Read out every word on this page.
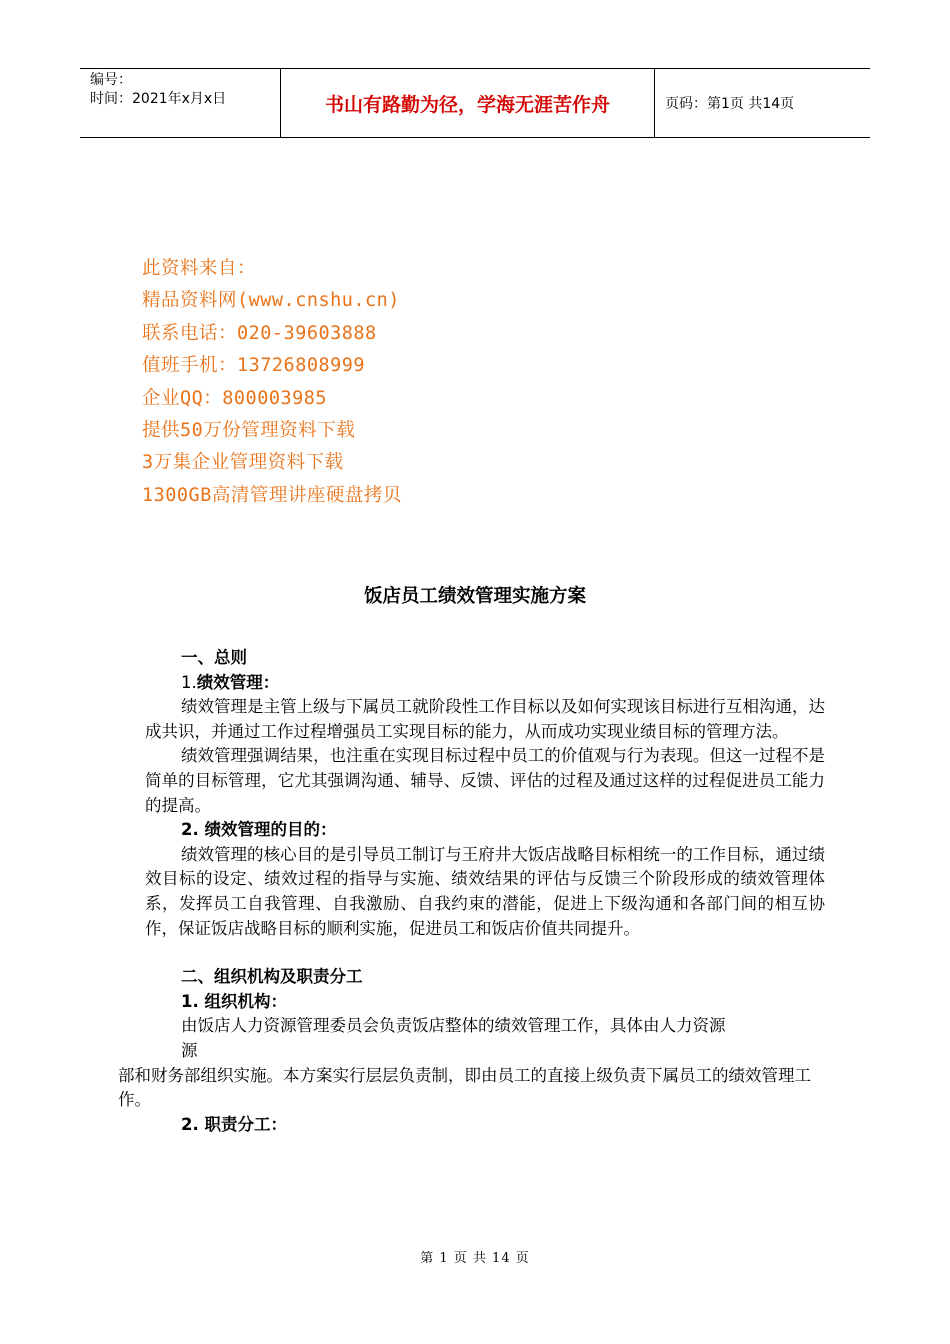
编号：
时间：2021年x月x日	书山有路勤为径，学海无涯苦作舟	页码：第1页 共14页
此资料来自：
精品资料网(www.cnshu.cn)
联系电话：020-39603888
值班手机：13726808999
企业QQ：800003985
提供50万份管理资料下载
3万集企业管理资料下载
1300GB高清管理讲座硬盘拷贝
饭店员工绩效管理实施方案

一、总则

1.绩效管理：

绩效管理是主管上级与下属员工就阶段性工作目标以及如何实现该目标进行互相沟通，达成共识，并通过工作过程增强员工实现目标的能力，从而成功实现业绩目标的管理方法。

绩效管理强调结果，也注重在实现目标过程中员工的价值观与行为表现。但这一过程不是简单的目标管理，它尤其强调沟通、辅导、反馈、评估的过程及通过这样的过程促进员工能力的提高。

2. 绩效管理的目的：

绩效管理的核心目的是引导员工制订与王府井大饭店战略目标相统一的工作目标，通过绩效目标的设定、绩效过程的指导与实施、绩效结果的评估与反馈三个阶段形成的绩效管理体系，发挥员工自我管理、自我激励、自我约束的潜能，促进上下级沟通和各部门间的相互协作，保证饭店战略目标的顺利实施，促进员工和饭店价值共同提升。

二、组织机构及职责分工

1. 组织机构：

由饭店人力资源管理委员会负责饭店整体的绩效管理工作，具体由人力资源

源

部和财务部组织实施。本方案实行层层负责制，即由员工的直接上级负责下属员工的绩效管理工作。

2. 职责分工：

第 1 页 共 14 页
